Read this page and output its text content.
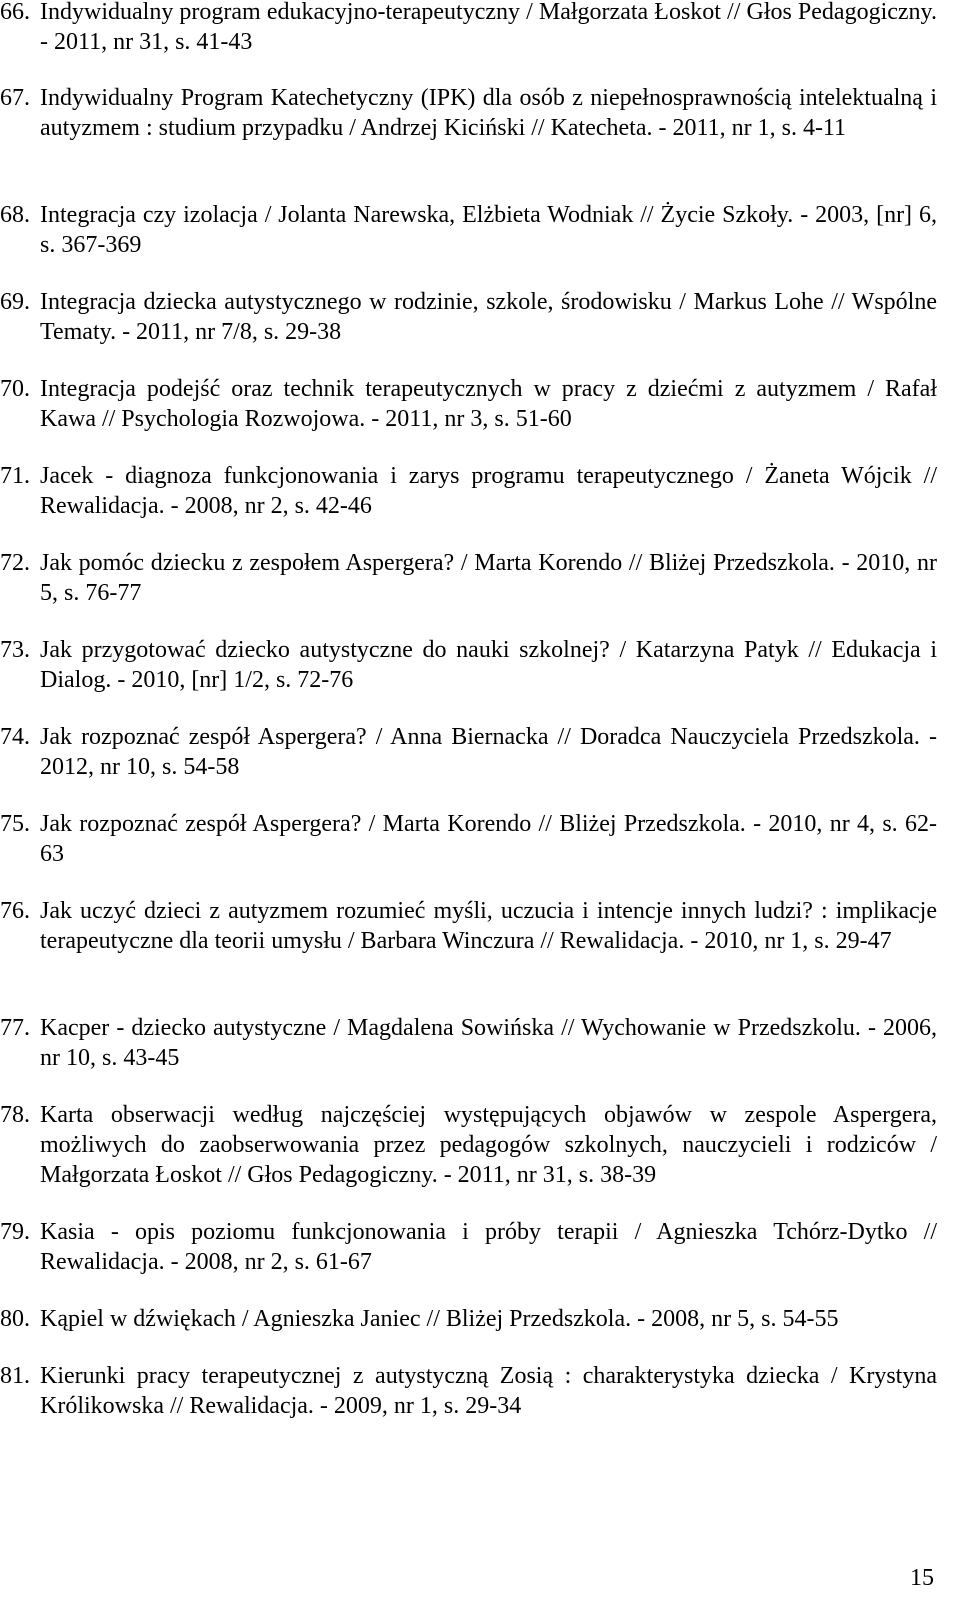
66. Indywidualny program edukacyjno-terapeutyczny / Małgorzata Łoskot // Głos Pedagogiczny. - 2011, nr 31, s. 41-43
67. Indywidualny Program Katechetyczny (IPK) dla osób z niepełnosprawnością intelektualną i autyzmem : studium przypadku / Andrzej Kiciński // Katecheta. - 2011, nr 1, s. 4-11
68. Integracja czy izolacja / Jolanta Narewska, Elżbieta Wodniak // Życie Szkoły. - 2003, [nr] 6, s. 367-369
69. Integracja dziecka autystycznego w rodzinie, szkole, środowisku / Markus Lohe // Wspólne Tematy. - 2011, nr 7/8, s. 29-38
70. Integracja podejść oraz technik terapeutycznych w pracy z dziećmi z autyzmem / Rafał Kawa // Psychologia Rozwojowa. - 2011, nr 3, s. 51-60
71. Jacek - diagnoza funkcjonowania i zarys programu terapeutycznego / Żaneta Wójcik // Rewalidacja. - 2008, nr 2, s. 42-46
72. Jak pomóc dziecku z zespołem Aspergera? / Marta Korendo // Bliżej Przedszkola. - 2010, nr 5, s. 76-77
73. Jak przygotować dziecko autystyczne do nauki szkolnej? / Katarzyna Patyk // Edukacja i Dialog. - 2010, [nr] 1/2, s. 72-76
74. Jak rozpoznać zespół Aspergera? / Anna Biernacka // Doradca Nauczyciela Przedszkola. - 2012, nr 10, s. 54-58
75. Jak rozpoznać zespół Aspergera? / Marta Korendo // Bliżej Przedszkola. - 2010, nr 4, s. 62-63
76. Jak uczyć dzieci z autyzmem rozumieć myśli, uczucia i intencje innych ludzi? : implikacje terapeutyczne dla teorii umysłu / Barbara Winczura // Rewalidacja. - 2010, nr 1, s. 29-47
77. Kacper - dziecko autystyczne / Magdalena Sowińska // Wychowanie w Przedszkolu. - 2006, nr 10, s. 43-45
78. Karta obserwacji według najczęściej występujących objawów w zespole Aspergera, możliwych do zaobserwowania przez pedagogów szkolnych, nauczycieli i rodziców / Małgorzata Łoskot // Głos Pedagogiczny. - 2011, nr 31, s. 38-39
79. Kasia - opis poziomu funkcjonowania i próby terapii / Agnieszka Tchórz-Dytko // Rewalidacja. - 2008, nr 2, s. 61-67
80. Kąpiel w dźwiękach / Agnieszka Janiec // Bliżej Przedszkola. - 2008, nr 5, s. 54-55
81. Kierunki pracy terapeutycznej z autystyczną Zosią : charakterystyka dziecka / Krystyna Królikowska // Rewalidacja. - 2009, nr 1, s. 29-34
15
